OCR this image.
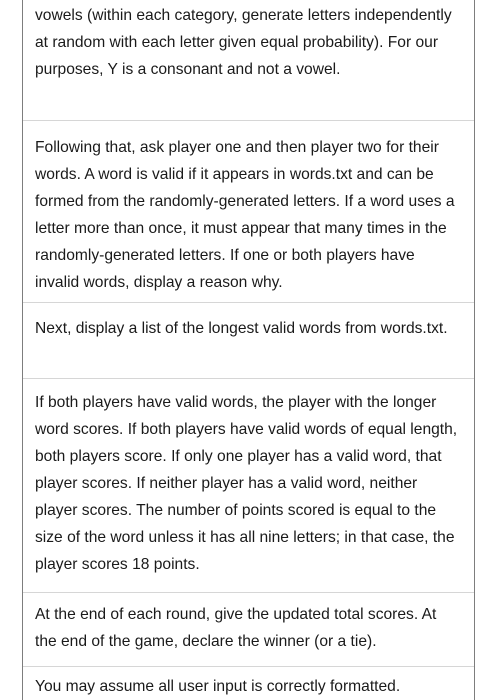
vowels (within each category, generate letters independently at random with each letter given equal probability). For our purposes, Y is a consonant and not a vowel.

Following that, ask player one and then player two for their words. A word is valid if it appears in words.txt and can be formed from the randomly-generated letters. If a word uses a letter more than once, it must appear that many times in the randomly-generated letters. If one or both players have invalid words, display a reason why.

Next, display a list of the longest valid words from words.txt.

If both players have valid words, the player with the longer word scores. If both players have valid words of equal length, both players score. If only one player has a valid word, that player scores. If neither player has a valid word, neither player scores. The number of points scored is equal to the size of the word unless it has all nine letters; in that case, the player scores 18 points.

At the end of each round, give the updated total scores. At the end of the game, declare the winner (or a tie).

You may assume all user input is correctly formatted.
